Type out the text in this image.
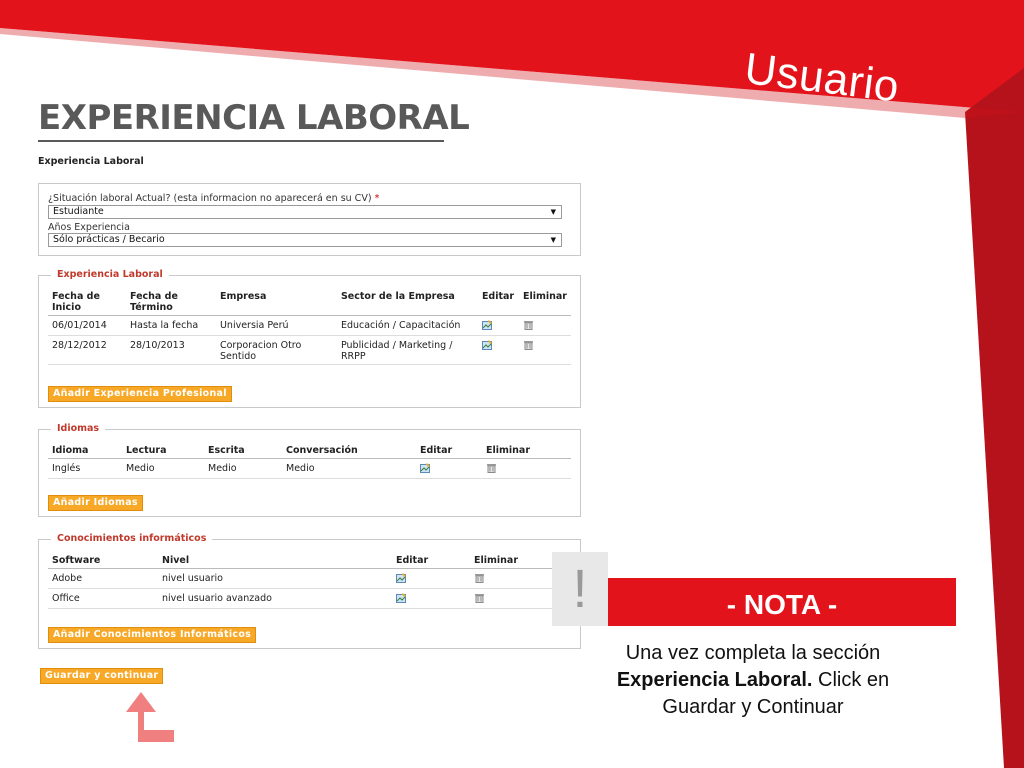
Usuario
EXPERIENCIA LABORAL
Experiencia Laboral
¿Situación laboral Actual? (esta informacion no aparecerá en su CV) *
Estudiante	▼
Años Experiencia
Sólo prácticas / Becario	▼
Experiencia Laboral
Fecha de Inicio	Fecha de Término	Empresa	Sector de la Empresa	Editar	Eliminar
06/01/2014	Hasta la fecha	Universia Perú	Educación / Capacitación		
28/12/2012	28/10/2013	Corporacion Otro Sentido	Publicidad / Marketing / RRPP		
Añadir Experiencia Profesional
Idiomas
Idioma	Lectura	Escrita	Conversación	Editar	Eliminar
Inglés	Medio	Medio	Medio		
Añadir Idiomas
Conocimientos informáticos
Software	Nivel	Editar	Eliminar
Adobe	nivel usuario		
Office	nivel usuario avanzado		
Añadir Conocimientos Informáticos
Guardar y continuar
!	- NOTA -
Una vez completa la sección
Experiencia Laboral. Click en Guardar y Continuar
